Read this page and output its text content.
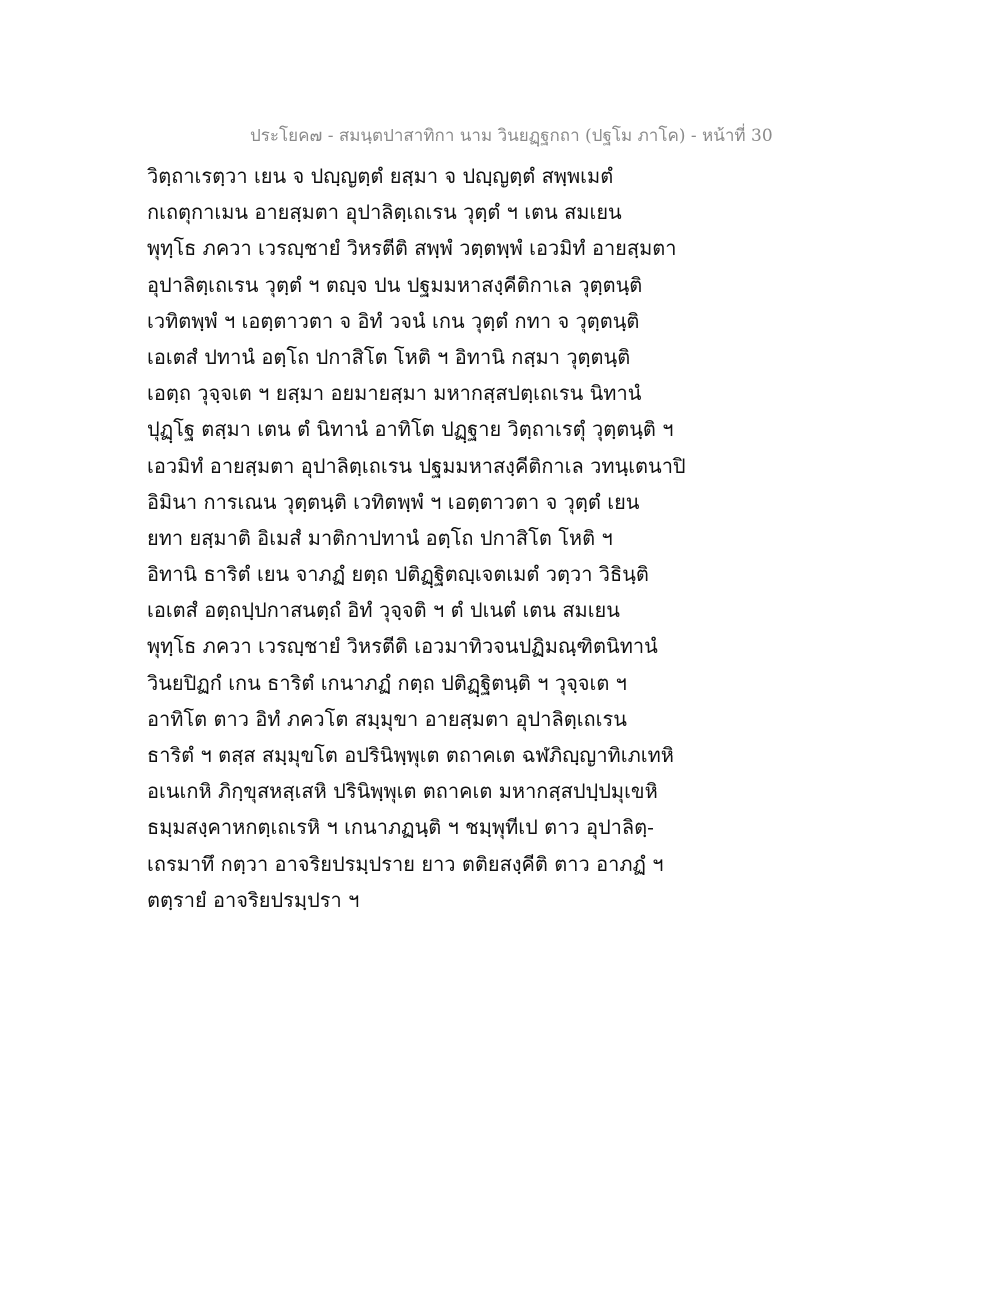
ประโยค๗ - สมนฺตปาสาทิกา นาม วินยฏฺฐกถา (ปฐโม ภาโค) - หน้าที่ 30
วิตฺถาเรตฺวา เยน จ ปญฺญตฺตํ ยสฺมา จ ปญฺญตฺตํ สพฺพเมตํ
กเถตุกาเมน อายสฺมตา อุปาลิตฺเถเรน วุตฺตํ ฯ เตน สมเยน
พุทฺโธ ภควา เวรญฺชายํ วิหรตีติ สพฺพํ วตฺตพฺพํ เอวมิทํ อายสฺมตา
อุปาลิตฺเถเรน วุตฺตํ ฯ ตญฺจ ปน ปฐมมหาสงฺคีติกาเล วุตฺตนฺติ
เวทิตพฺพํ ฯ เอตฺตาวตา จ อิทํ วจนํ เกน วุตฺตํ กทา จ วุตฺตนฺติ
เอเตสํ ปทานํ อตฺโถ ปกาสิโต โหติ ฯ อิทานิ กสฺมา วุตฺตนฺติ
เอตฺถ วุจฺจเต ฯ ยสฺมา อยมายสฺมา มหากสฺสปตฺเถเรน นิทานํ
ปุฏฺโฐ ตสฺมา เตน ตํ นิทานํ อาทิโต ปฏฺฐาย วิตฺถาเรตุํ วุตฺตนฺติ ฯ
เอวมิทํ อายสฺมตา อุปาลิตฺเถเรน ปฐมมหาสงฺคีติกาเล วทนฺเตนาปิ
อิมินา การเณน วุตฺตนฺติ เวทิตพฺพํ ฯ เอตฺตาวตา จ วุตฺตํ เยน
ยทา ยสฺมาติ อิเมสํ มาติกาปทานํ อตฺโถ ปกาสิโต โหติ ฯ
อิทานิ ธาริตํ เยน จาภฏํ ยตฺถ ปติฏฺฐิตญฺเจตเมตํ วตฺวา วิธินฺติ
เอเตสํ อตฺถปฺปกาสนตฺถํ อิทํ วุจฺจติ ฯ ตํ ปเนตํ เตน สมเยน
พุทฺโธ ภควา เวรญฺชายํ วิหรตีติ เอวมาทิวจนปฏิมณฺฑิตนิทานํ
วินยปิฏกํ เกน ธาริตํ เกนาภฏํ กตฺถ ปติฏฺฐิตนฺติ ฯ วุจฺจเต ฯ
อาทิโต ตาว อิทํ ภควโต สมฺมุขา อายสฺมตา อุปาลิตฺเถเรน
ธาริตํ ฯ ตสฺส สมฺมุขโต อปรินิพฺพุเต ตถาคเต ฉฬภิญฺญาทิเภเทหิ
อเนเกหิ ภิกฺขุสหสฺเสหิ ปรินิพฺพุเต ตถาคเต มหากสฺสปปฺปมุเขหิ
ธมฺมสงฺคาหกตฺเถเรหิ ฯ เกนาภฏนฺติ ฯ ชมฺพุทีเป ตาว อุปาลิตฺ-
เถรมาทึ กตฺวา อาจริยปรมฺปราย ยาว ตติยสงฺคีติ ตาว อาภฏํ ฯ
ตตฺรายํ อาจริยปรมฺปรา ฯ
